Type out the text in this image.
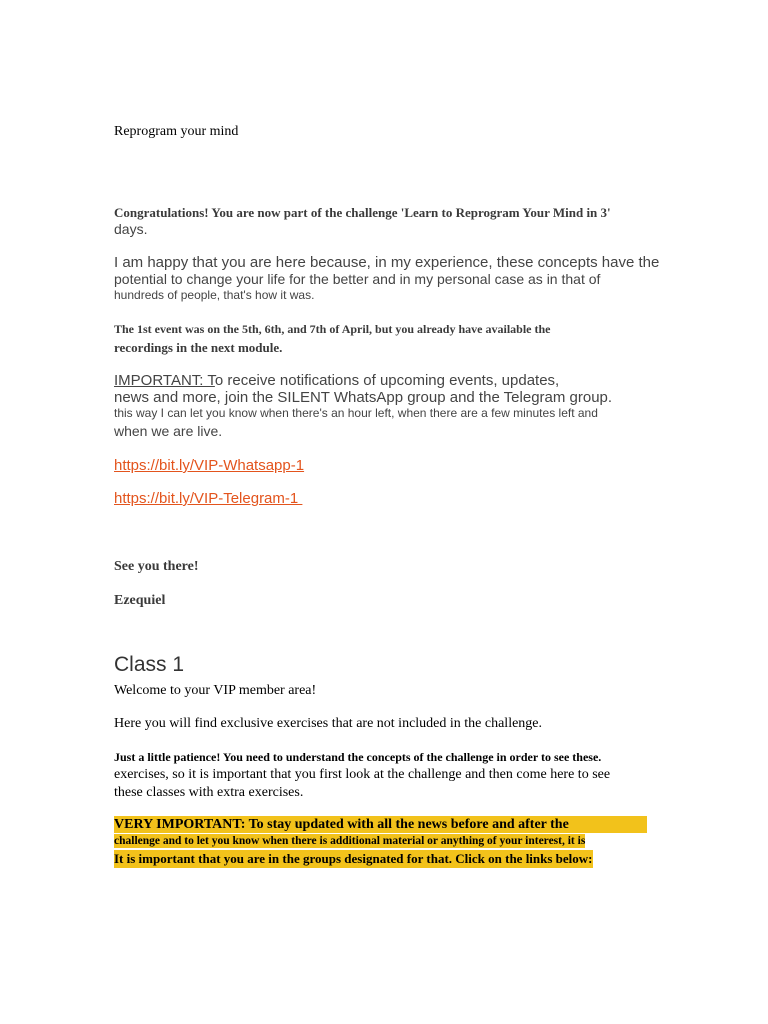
Reprogram your mind
Congratulations! You are now part of the challenge 'Learn to Reprogram Your Mind in 3'
days.
I am happy that you are here because, in my experience, these concepts have the
potential to change your life for the better and in my personal case as in that of
hundreds of people, that's how it was.
The 1st event was on the 5th, 6th, and 7th of April, but you already have available the
recordings in the next module.
IMPORTANT: To receive notifications of upcoming events, updates,
news and more, join the SILENT WhatsApp group and the Telegram group.
this way I can let you know when there's an hour left, when there are a few minutes left and
when we are live.
https://bit.ly/VIP-Whatsapp-1
https://bit.ly/VIP-Telegram-1
See you there!
Ezequiel
Class 1
Welcome to your VIP member area!
Here you will find exclusive exercises that are not included in the challenge.
Just a little patience! You need to understand the concepts of the challenge in order to see these.
exercises, so it is important that you first look at the challenge and then come here to see
these classes with extra exercises.
VERY IMPORTANT: To stay updated with all the news before and after the
challenge and to let you know when there is additional material or anything of your interest, it is
It is important that you are in the groups designated for that. Click on the links below:
